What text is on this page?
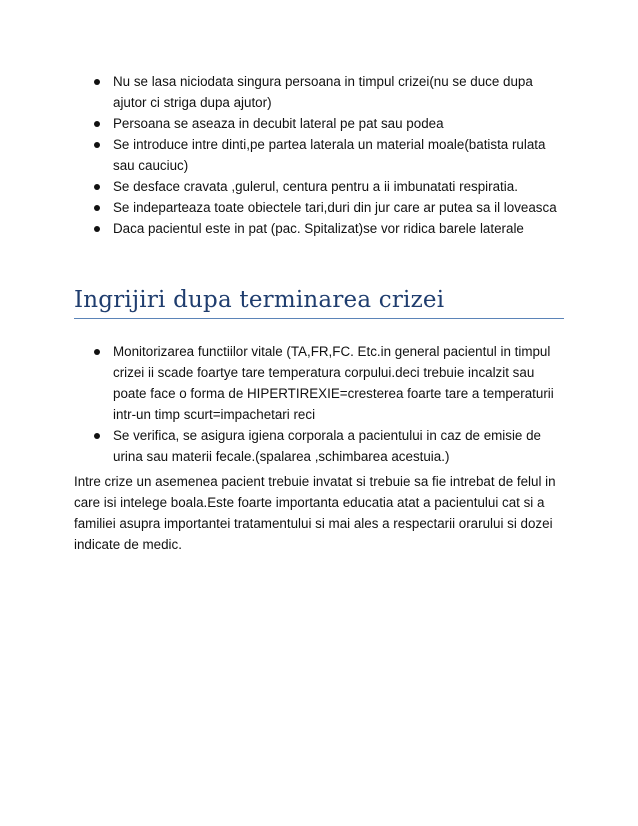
Nu se lasa niciodata singura persoana in timpul crizei(nu se duce dupa ajutor ci striga dupa ajutor)
Persoana se aseaza in decubit lateral pe pat sau podea
Se introduce intre dinti,pe partea laterala un material moale(batista rulata sau cauciuc)
Se desface cravata ,gulerul, centura pentru a ii imbunatati respiratia.
Se indeparteaza toate obiectele tari,duri din jur care ar putea sa il loveasca
Daca pacientul este in pat (pac. Spitalizat)se vor ridica barele laterale
Ingrijiri dupa terminarea crizei
Monitorizarea functiilor vitale (TA,FR,FC. Etc.in general pacientul in timpul crizei ii scade foartye tare temperatura corpului.deci trebuie incalzit sau poate face o forma de HIPERTIREXIE=cresterea foarte tare a temperaturii intr-un timp scurt=impachetari reci
Se verifica, se asigura igiena corporala a pacientului in caz de emisie de urina sau materii fecale.(spalarea ,schimbarea acestuia.)

Intre crize un asemenea pacient trebuie invatat si trebuie sa fie intrebat de felul in care isi intelege boala.Este foarte importanta educatia atat a pacientului cat si a familiei asupra importantei tratamentului si mai ales a respectarii orarului si dozei indicate de medic.
